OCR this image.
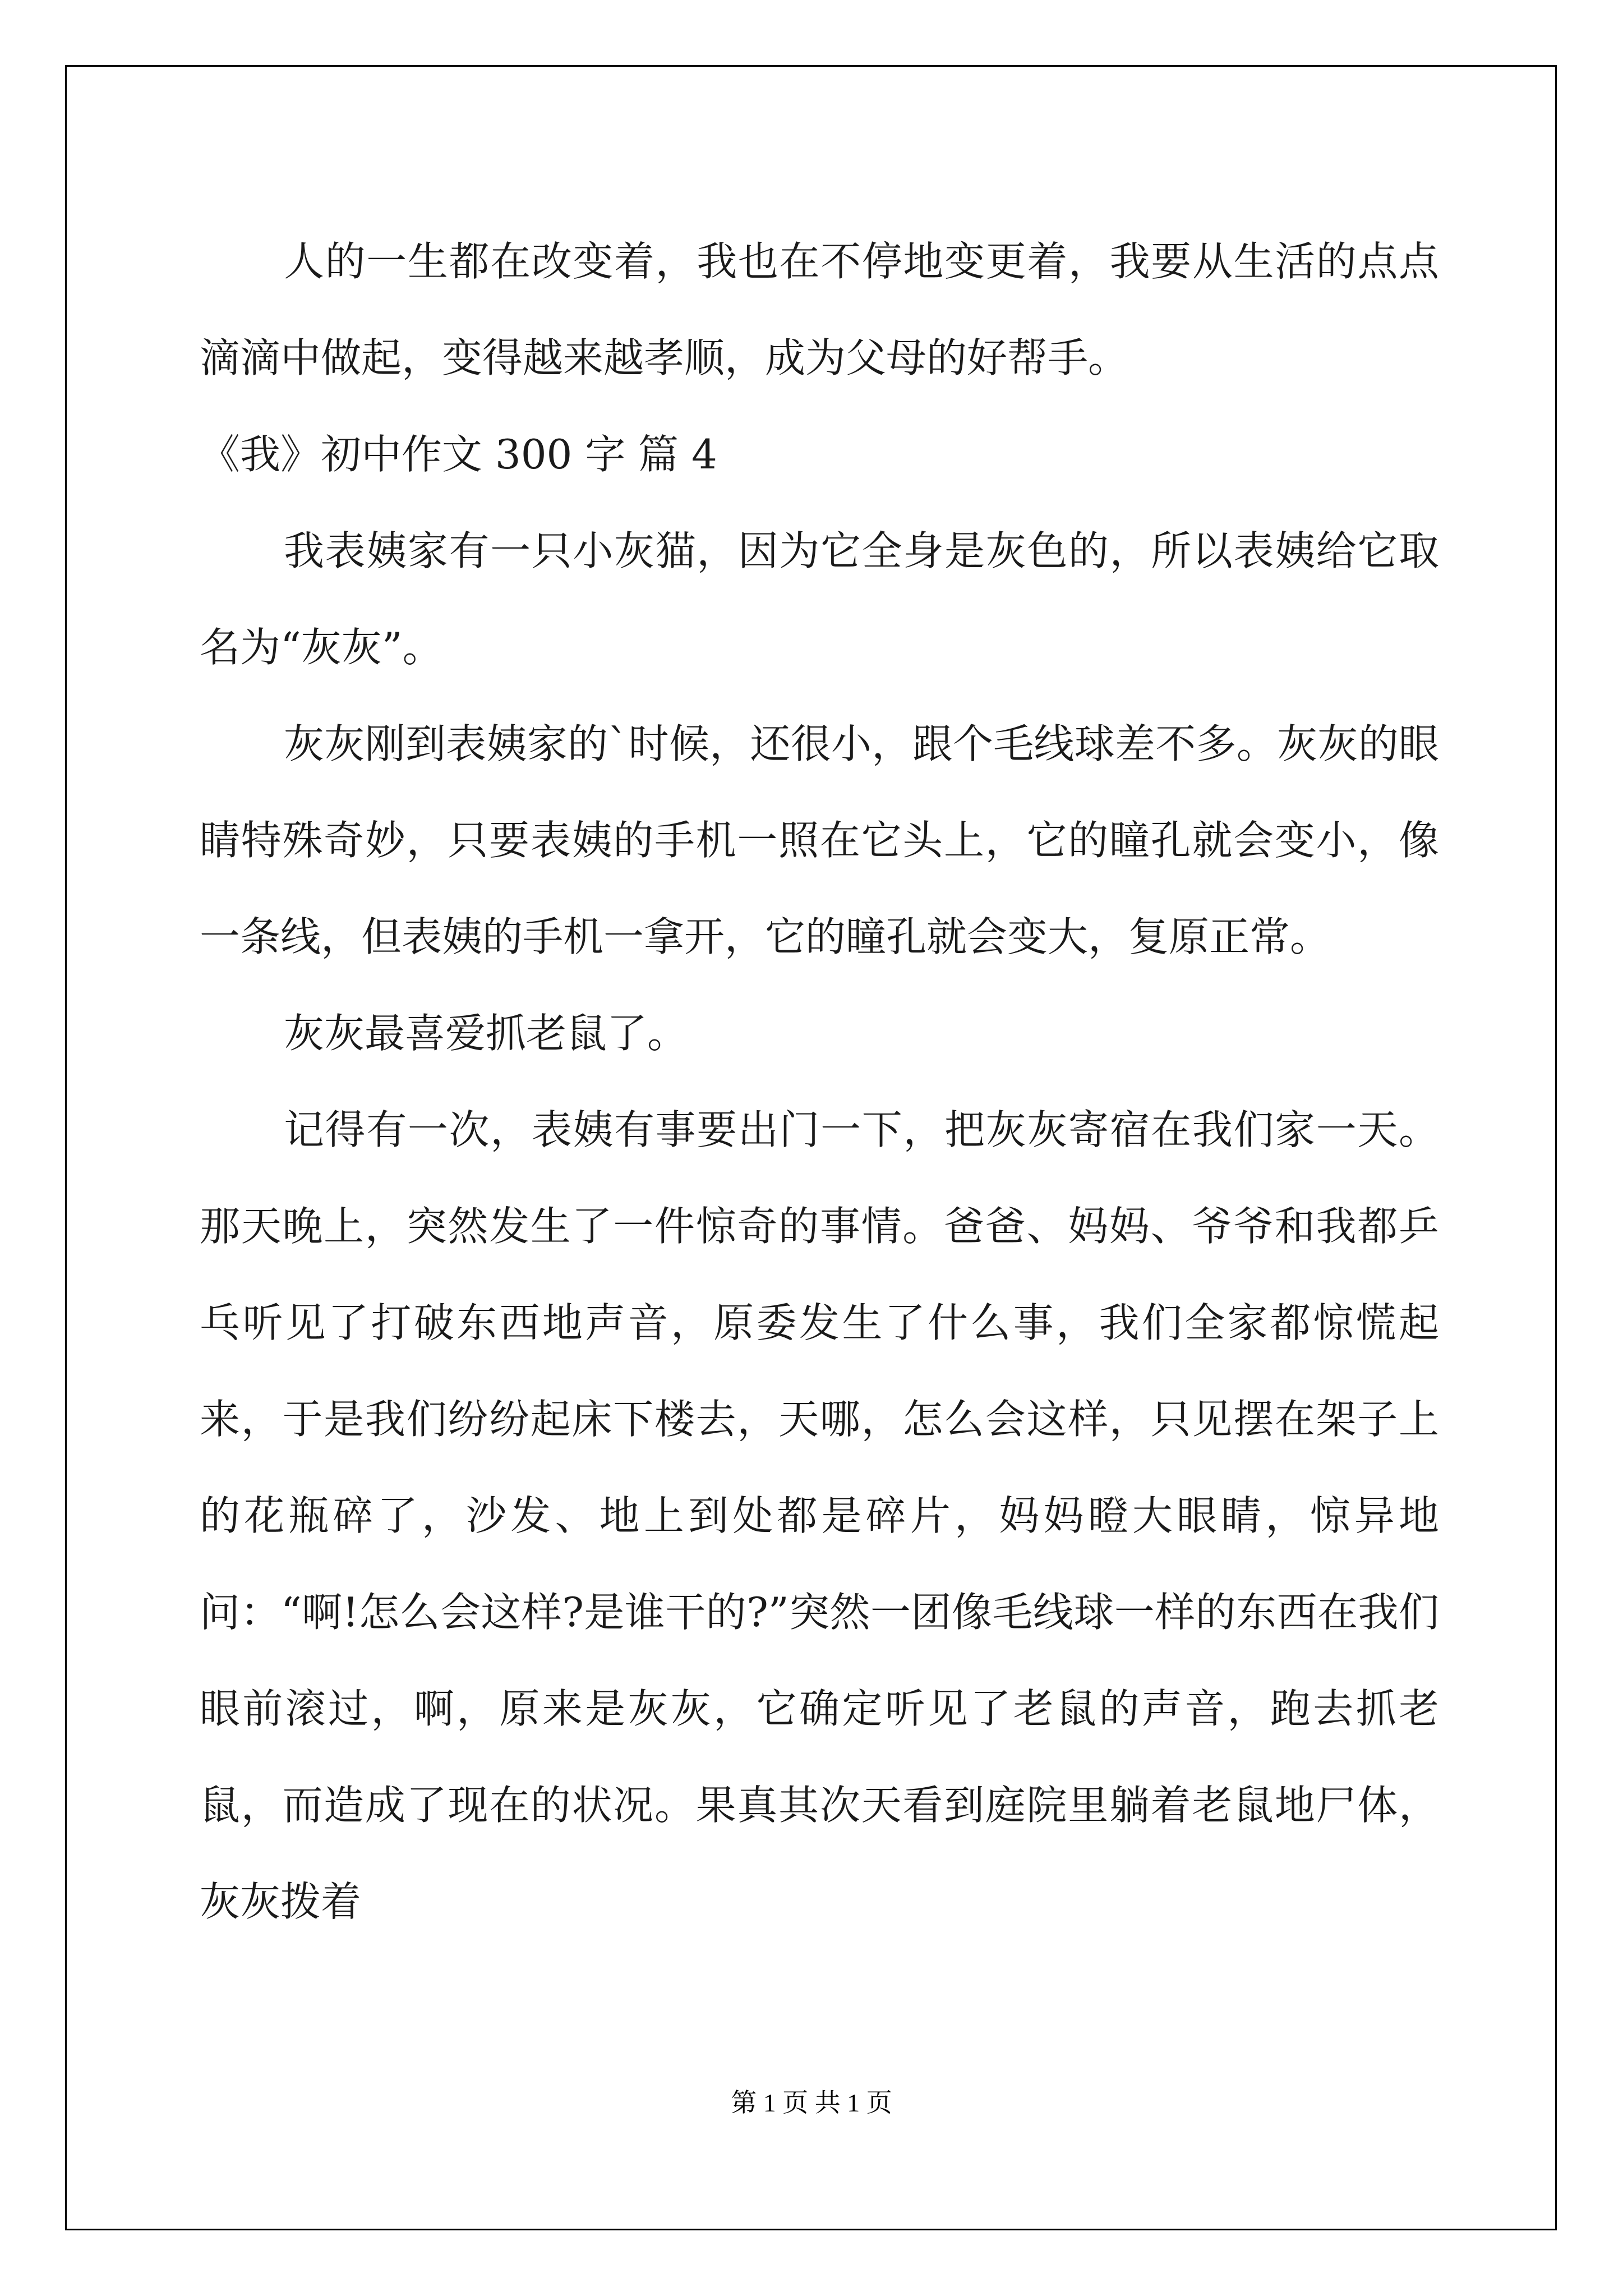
人的一生都在改变着，我也在不停地变更着，我要从生活的点点滴滴中做起，变得越来越孝顺，成为父母的好帮手。

《我》初中作文 300 字 篇 4

我表姨家有一只小灰猫，因为它全身是灰色的，所以表姨给它取名为“灰灰”。

灰灰刚到表姨家的`时候，还很小，跟个毛线球差不多。灰灰的眼睛特殊奇妙，只要表姨的手机一照在它头上，它的瞳孔就会变小，像一条线，但表姨的手机一拿开，它的瞳孔就会变大，复原正常。

灰灰最喜爱抓老鼠了。

记得有一次，表姨有事要出门一下，把灰灰寄宿在我们家一天。那天晚上，突然发生了一件惊奇的事情。爸爸、妈妈、爷爷和我都乒乓听见了打破东西地声音，原委发生了什么事，我们全家都惊慌起来，于是我们纷纷起床下楼去，天哪，怎么会这样，只见摆在架子上的花瓶碎了，沙发、地上到处都是碎片，妈妈瞪大眼睛，惊异地问：“啊!怎么会这样?是谁干的?”突然一团像毛线球一样的东西在我们眼前滚过，啊，原来是灰灰，它确定听见了老鼠的声音，跑去抓老鼠，而造成了现在的状况。果真其次天看到庭院里躺着老鼠地尸体，灰灰拨着

第 1 页 共 1 页
